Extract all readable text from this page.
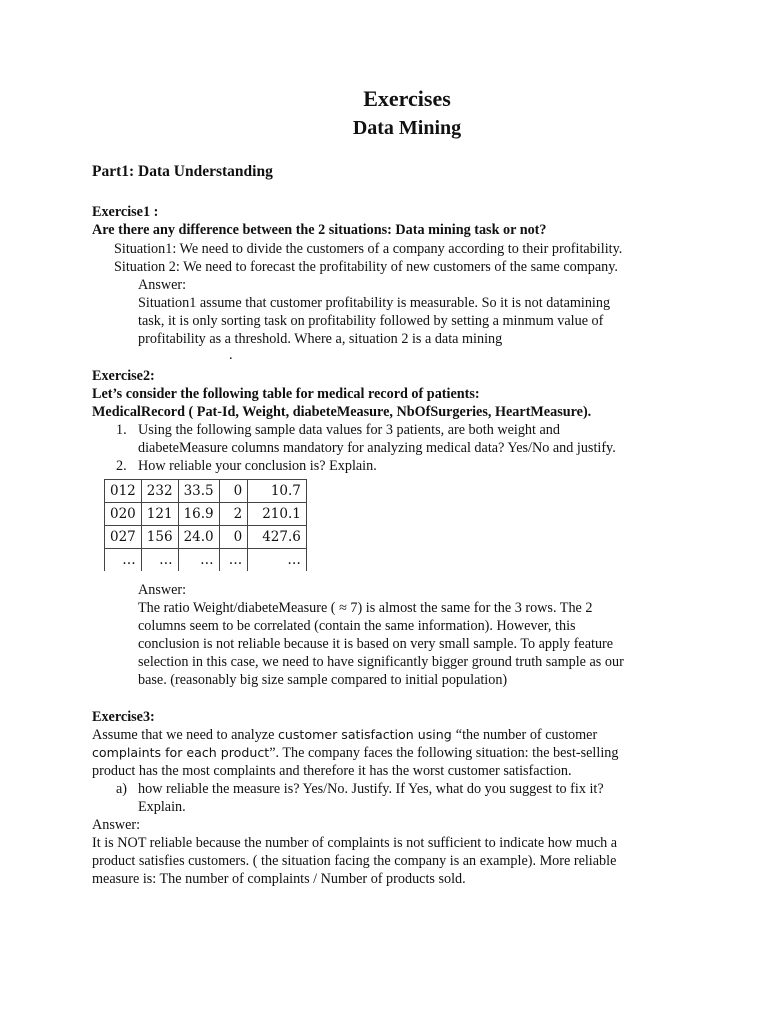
Exercises
Data Mining
Part1: Data Understanding
Exercise1 :
Are there any difference between the 2 situations: Data mining task or not?
Situation1: We need to divide the customers of a company according to their profitability.
Situation 2: We need to forecast the profitability of new customers of the same company.
Answer:
Situation1 assume that customer profitability is measurable. So it is not datamining
task, it is only sorting task on profitability followed by setting a minmum value of
profitability as a threshold. Where a, situation 2 is a data mining
.
Exercise2:
Let’s consider the following table for medical record of patients:
MedicalRecord ( Pat-Id, Weight, diabeteMeasure, NbOfSurgeries, HeartMeasure).
1. Using the following sample data values for 3 patients, are both weight and
diabeteMeasure columns mandatory for analyzing medical data? Yes/No and justify.
2. How reliable your conclusion is? Explain.
012	232	33.5	0	10.7
020	121	16.9	2	210.1
027	156	24.0	0	427.6
…	…	…	…	…
Answer:
The ratio Weight/diabeteMeasure ( ≈ 7) is almost the same for the 3 rows. The 2
columns seem to be correlated (contain the same information). However, this
conclusion is not reliable because it is based on very small sample. To apply feature
selection in this case, we need to have significantly bigger ground truth sample as our
base. (reasonably big size sample compared to initial population)
Exercise3:
Assume that we need to analyze customer satisfaction using “the number of customer
complaints for each product”. The company faces the following situation: the best-selling
product has the most complaints and therefore it has the worst customer satisfaction.
a) how reliable the measure is? Yes/No. Justify. If Yes, what do you suggest to fix it?
Explain.
Answer:
It is NOT reliable because the number of complaints is not sufficient to indicate how much a
product satisfies customers. ( the situation facing the company is an example). More reliable
measure is: The number of complaints / Number of products sold.
